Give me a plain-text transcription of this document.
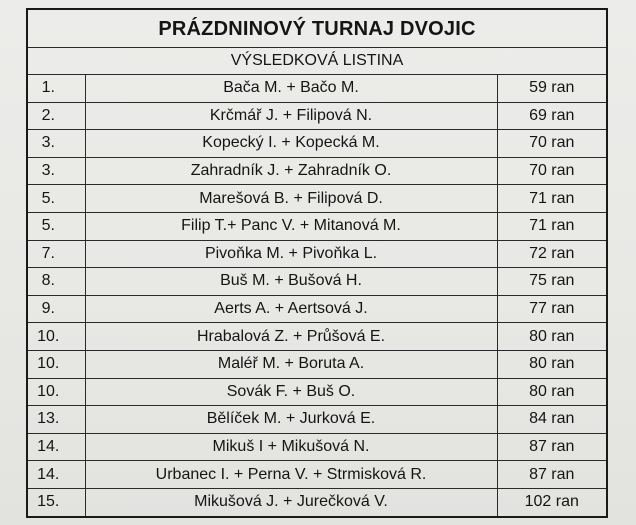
PRÁZDNINOVÝ TURNAJ DVOJIC		
VÝSLEDKOVÁ LISTINA		
1.	Bača M. + Bačo M.	59 ran
2.	Krčmář J. + Filipová N.	69 ran
3.	Kopecký I. + Kopecká M.	70 ran
3.	Zahradník J. + Zahradník O.	70 ran
5.	Marešová B. + Filipová D.	71 ran
5.	Filip T.+ Panc V. + Mitanová M.	71 ran
7.	Pivoňka M. + Pivoňka L.	72 ran
8.	Buš M. + Bušová H.	75 ran
9.	Aerts A. + Aertsová J.	77 ran
10.	Hrabalová Z. + Průšová E.	80 ran
10.	Maléř M. + Boruta A.	80 ran
10.	Sovák F. + Buš O.	80 ran
13.	Bělíček M. + Jurková E.	84 ran
14.	Mikuš I + Mikušová N.	87 ran
14.	Urbanec I. + Perna V. + Strmisková R.	87 ran
15.	Mikušová J. + Jurečková V.	102 ran
